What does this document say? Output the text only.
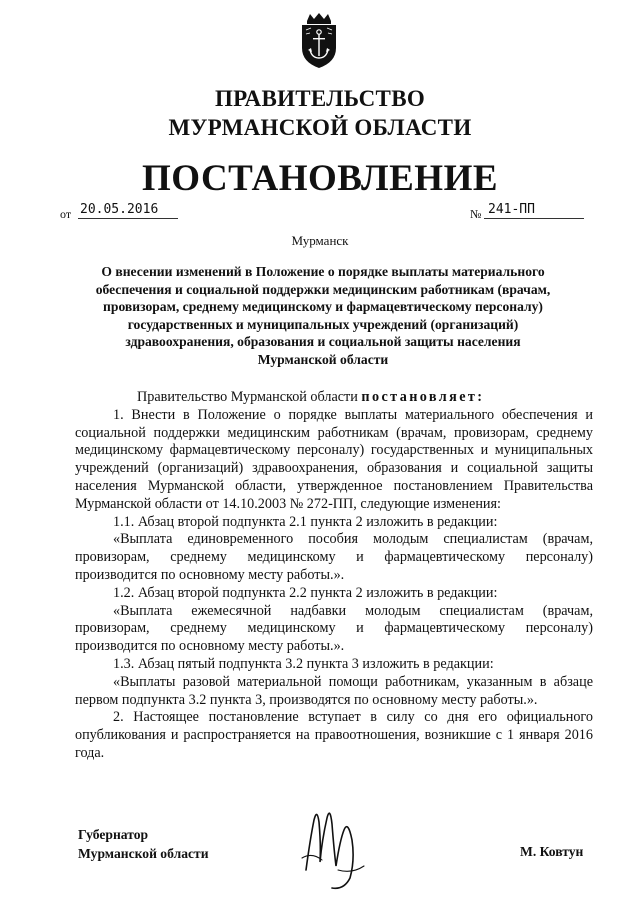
ПРАВИТЕЛЬСТВО
МУРМАНСКОЙ ОБЛАСТИ
ПОСТАНОВЛЕНИЕ
от 20.05.2016	№ 241-ПП
Мурманск
О внесении изменений в Положение о порядке выплаты материального
обеспечения и социальной поддержки медицинским работникам (врачам,
провизорам, среднему медицинскому и фармацевтическому персоналу)
государственных и муниципальных учреждений (организаций)
здравоохранения, образования и социальной защиты населения
Мурманской области

Правительство Мурманской области постановляет:

1. Внести в Положение о порядке выплаты материального обеспечения и социальной поддержки медицинским работникам (врачам, провизорам, среднему медицинскому фармацевтическому персоналу) государственных и муниципальных учреждений (организаций) здравоохранения, образования и социальной защиты населения Мурманской области, утвержденное постановлением Правительства Мурманской области от 14.10.2003 № 272-ПП, следующие изменения:

1.1. Абзац второй подпункта 2.1 пункта 2 изложить в редакции:

«Выплата единовременного пособия молодым специалистам (врачам, провизорам, среднему медицинскому и фармацевтическому персоналу) производится по основному месту работы.».

1.2. Абзац второй подпункта 2.2 пункта 2 изложить в редакции:

«Выплата ежемесячной надбавки молодым специалистам (врачам, провизорам, среднему медицинскому и фармацевтическому персоналу) производится по основному месту работы.».

1.3. Абзац пятый подпункта 3.2 пункта 3 изложить в редакции:

«Выплаты разовой материальной помощи работникам, указанным в абзаце первом подпункта 3.2 пункта 3, производятся по основному месту работы.».

2. Настоящее постановление вступает в силу со дня его официального опубликования и распространяется на правоотношения, возникшие с 1 января 2016 года.

Губернатор
Мурманской области	М. Ковтун
